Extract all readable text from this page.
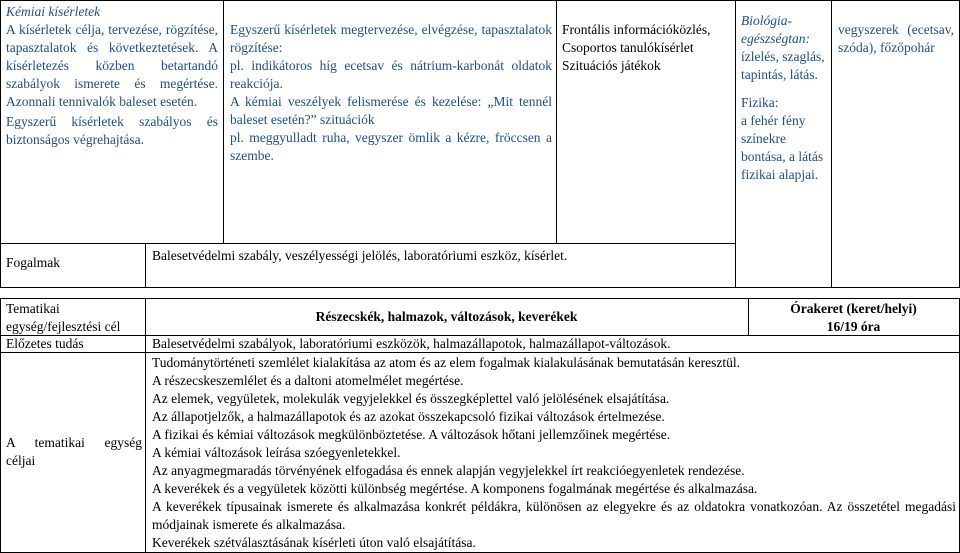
Kémiai kísérletek
A kísérletek célja, tervezése, rögzítése, tapasztalatok és következtetések. A kísérletezés közben betartandó szabályok ismerete és megértése. Azonnali tennivalók baleset esetén.
Egyszerű kísérletek szabályos és biztonságos végrehajtása.
Fogalmak
Egyszerű kísérletek megtervezése, elvégzése, tapasztalatok rögzítése:
pl. indikátoros híg ecetsav és nátrium-karbonát oldatok reakciója.
A kémiai veszélyek felismerése és kezelése: „Mit tennél baleset esetén?” szituációk
pl. meggyulladt ruha, vegyszer ömlik a kézre, fröccsen a szembe.
Frontális információközlés,
Csoportos tanulókísérlet
Szituációs játékok
Biológia-egészségtan:
ízlelés, szaglás, tapintás, látás.
Fizika:
a fehér fény színekre bontása, a látás fizikai alapjai.
vegyszerek (ecetsav, szóda), főzőpohár
Balesetvédelmi szabály, veszélyességi jelölés, laboratóriumi eszköz, kísérlet.
Tematikai egység/fejlesztési cél
Részecskék, halmazok, változások, keverékek
Órakeret (keret/helyi)
16/19 óra
Előzetes tudás	Balesetvédelmi szabályok, laboratóriumi eszközök, halmazállapotok, halmazállapot-változások.
A tematikai egység céljai
Tudománytörténeti szemlélet kialakítása az atom és az elem fogalmak kialakulásának bemutatásán keresztül.
A részecskeszemlélet és a daltoni atomelmélet megértése.
Az elemek, vegyületek, molekulák vegyjelekkel és összegképlettel való jelölésének elsajátítása.
Az állapotjelzők, a halmazállapotok és az azokat összekapcsoló fizikai változások értelmezése.
A fizikai és kémiai változások megkülönböztetése. A változások hőtani jellemzőinek megértése.
A kémiai változások leírása szóegyenletekkel.
Az anyagmegmaradás törvényének elfogadása és ennek alapján vegyjelekkel írt reakcióegyenletek rendezése.
A keverékek és a vegyületek közötti különbség megértése. A komponens fogalmának megértése és alkalmazása.
A keverékek típusainak ismerete és alkalmazása konkrét példákra, különösen az elegyekre és az oldatokra vonatkozóan. Az összetétel megadási módjainak ismerete és alkalmazása.
Keverékek szétválasztásának kísérleti úton való elsajátítása.
